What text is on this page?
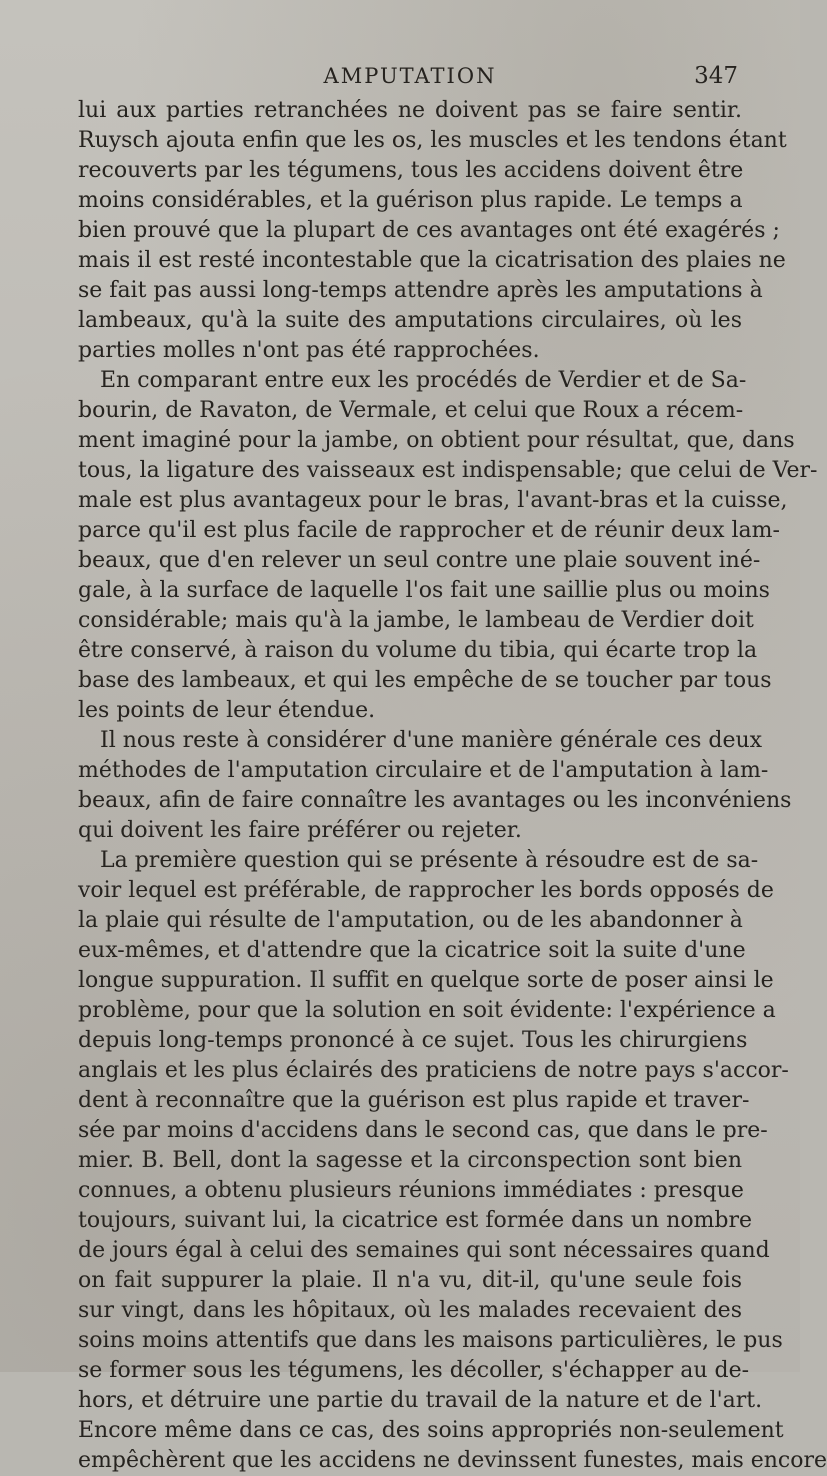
AMPUTATION	347
lui aux parties retranchées ne doivent pas se faire sentir.
Ruysch ajouta enfin que les os, les muscles et les tendons étant
recouverts par les tégumens, tous les accidens doivent être
moins considérables, et la guérison plus rapide. Le temps a
bien prouvé que la plupart de ces avantages ont été exagérés ;
mais il est resté incontestable que la cicatrisation des plaies ne
se fait pas aussi long-temps attendre après les amputations à
lambeaux, qu'à la suite des amputations circulaires, où les
parties molles n'ont pas été rapprochées.
En comparant entre eux les procédés de Verdier et de Sa-
bourin, de Ravaton, de Vermale, et celui que Roux a récem-
ment imaginé pour la jambe, on obtient pour résultat, que, dans
tous, la ligature des vaisseaux est indispensable; que celui de Ver-
male est plus avantageux pour le bras, l'avant-bras et la cuisse,
parce qu'il est plus facile de rapprocher et de réunir deux lam-
beaux, que d'en relever un seul contre une plaie souvent iné-
gale, à la surface de laquelle l'os fait une saillie plus ou moins
considérable; mais qu'à la jambe, le lambeau de Verdier doit
être conservé, à raison du volume du tibia, qui écarte trop la
base des lambeaux, et qui les empêche de se toucher par tous
les points de leur étendue.
Il nous reste à considérer d'une manière générale ces deux
méthodes de l'amputation circulaire et de l'amputation à lam-
beaux, afin de faire connaître les avantages ou les inconvéniens
qui doivent les faire préférer ou rejeter.
La première question qui se présente à résoudre est de sa-
voir lequel est préférable, de rapprocher les bords opposés de
la plaie qui résulte de l'amputation, ou de les abandonner à
eux-mêmes, et d'attendre que la cicatrice soit la suite d'une
longue suppuration. Il suffit en quelque sorte de poser ainsi le
problème, pour que la solution en soit évidente: l'expérience a
depuis long-temps prononcé à ce sujet. Tous les chirurgiens
anglais et les plus éclairés des praticiens de notre pays s'accor-
dent à reconnaître que la guérison est plus rapide et traver-
sée par moins d'accidens dans le second cas, que dans le pre-
mier. B. Bell, dont la sagesse et la circonspection sont bien
connues, a obtenu plusieurs réunions immédiates : presque
toujours, suivant lui, la cicatrice est formée dans un nombre
de jours égal à celui des semaines qui sont nécessaires quand
on fait suppurer la plaie. Il n'a vu, dit-il, qu'une seule fois
sur vingt, dans les hôpitaux, où les malades recevaient des
soins moins attentifs que dans les maisons particulières, le pus
se former sous les tégumens, les décoller, s'échapper au de-
hors, et détruire une partie du travail de la nature et de l'art.
Encore même dans ce cas, des soins appropriés non-seulement
empêchèrent que les accidens ne devinssent funestes, mais encore
